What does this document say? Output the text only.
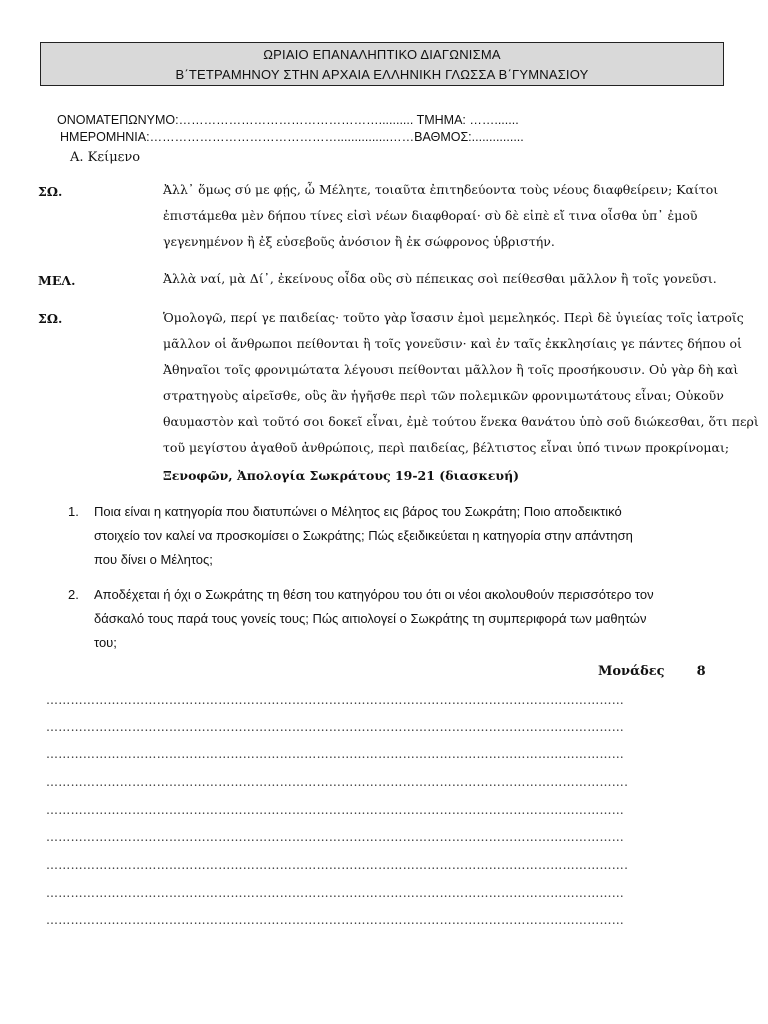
ΩΡΙΑΙΟ ΕΠΑΝΑΛΗΠΤΙΚΟ ΔΙΑΓΩΝΙΣΜΑ
Β΄ΤΕΤΡΑΜΗΝΟΥ ΣΤΗΝ ΑΡΧΑΙΑ ΕΛΛΗΝΙΚΗ ΓΛΩΣΣΑ Β΄ΓΥΜΝΑΣΙΟΥ
ΟΝΟΜΑΤΕΠΩΝΥΜΟ:………………………………………….......... ΤΜΗΜΑ: …….......
ΗΜΕΡΟΜΗΝΙΑ:………………………………………...............……ΒΑΘΜΟΣ:...............
Α. Κείμενο
ΣΩ.	Ἀλλ᾽ ὅμως σύ με φῄς, ὦ Μέλητε, τοιαῦτα ἐπιτηδεύοντα τοὺς νέους διαφθείρειν; Καίτοι
ἐπιστάμεθα μὲν δήπου τίνες εἰσὶ νέων διαφθοραί· σὺ δὲ εἰπὲ εἴ τινα οἶσθα ὑπ᾽ ἐμοῦ
γεγενημένον ἢ ἐξ εὐσεβοῦς ἀνόσιον ἢ ἐκ σώφρονος ὑβριστήν.
ΜΕΛ.	Ἀλλὰ ναί, μὰ Δί᾽, ἐκείνους οἶδα οὓς σὺ πέπεικας σοὶ πείθεσθαι μᾶλλον ἢ τοῖς γονεῦσι.
ΣΩ.	Ὁμολογῶ, περί γε παιδείας· τοῦτο γὰρ ἴσασιν ἐμοὶ μεμεληκός. Περὶ δὲ ὑγιείας τοῖς ἰατροῖς
μᾶλλον οἱ ἄνθρωποι πείθονται ἢ τοῖς γονεῦσιν· καὶ ἐν ταῖς ἐκκλησίαις γε πάντες δήπου οἱ
Ἀθηναῖοι τοῖς φρονιμώτατα λέγουσι πείθονται μᾶλλον ἢ τοῖς προσήκουσιν. Οὐ γὰρ δὴ καὶ
στρατηγοὺς αἱρεῖσθε, οὓς ἂν ἡγῆσθε περὶ τῶν πολεμικῶν φρονιμωτάτους εἶναι; Οὐκοῦν
θαυμαστὸν καὶ τοῦτό σοι δοκεῖ εἶναι, ἐμὲ τούτου ἕνεκα θανάτου ὑπὸ σοῦ διώκεσθαι, ὅτι περὶ
τοῦ μεγίστου ἀγαθοῦ ἀνθρώποις, περὶ παιδείας, βέλτιστος εἶναι ὑπό τινων προκρίνομαι;
Ξενοφῶν, Ἀπολογία Σωκράτους 19-21 (διασκευή)
1. Ποια είναι η κατηγορία που διατυπώνει ο Μέλητος εις βάρος του Σωκράτη; Ποιο αποδεικτικό
στοιχείο τον καλεί να προσκομίσει ο Σωκράτης; Πώς εξειδικεύεται η κατηγορία στην απάντηση
που δίνει ο Μέλητος;
2. Αποδέχεται ή όχι ο Σωκράτης τη θέση του κατηγόρου του ότι οι νέοι ακολουθούν περισσότερο τον
δάσκαλό τους παρά τους γονείς τους; Πώς αιτιολογεί ο Σωκράτης τη συμπεριφορά των μαθητών
του;
Μονάδες 8
……………………………………………………………………………………………………………………………
……………………………………………………………………………………………………………………………
……………………………………………………………………………………………………………………………
…………………………………………………………………………………………………………………………….
……………………………………………………………………………………………………………………………
……………………………………………………………………………………………………………………………
…………………………………………………………………………………………………………………………….
……………………………………………………………………………………………………………………………
……………………………………………………………………………………………………………………………
